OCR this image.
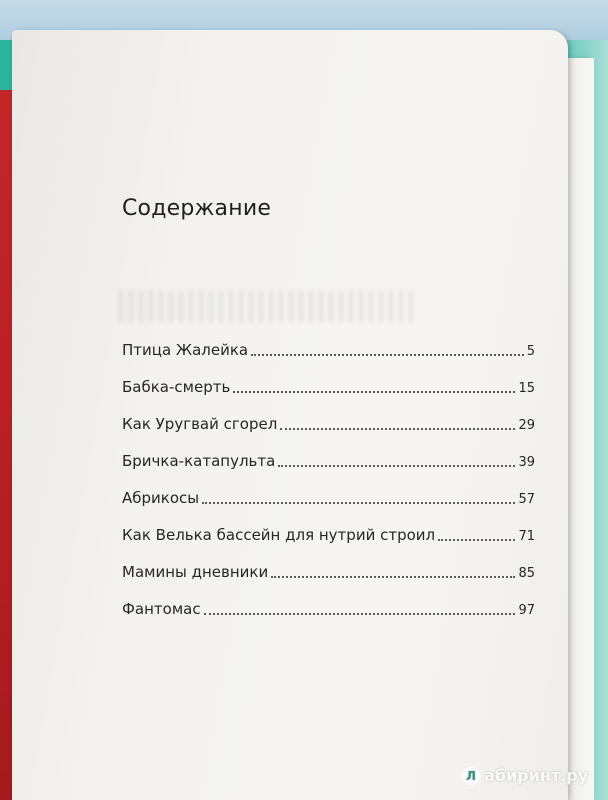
Содержание
Птица Жалейка	5
Бабка-смерть	15
Как Уругвай сгорел	29
Бричка-катапульта	39
Абрикосы	57
Как Велька бассейн для нутрий строил	71
Мамины дневники	85
Фантомас	97
Л абиринт.ру
